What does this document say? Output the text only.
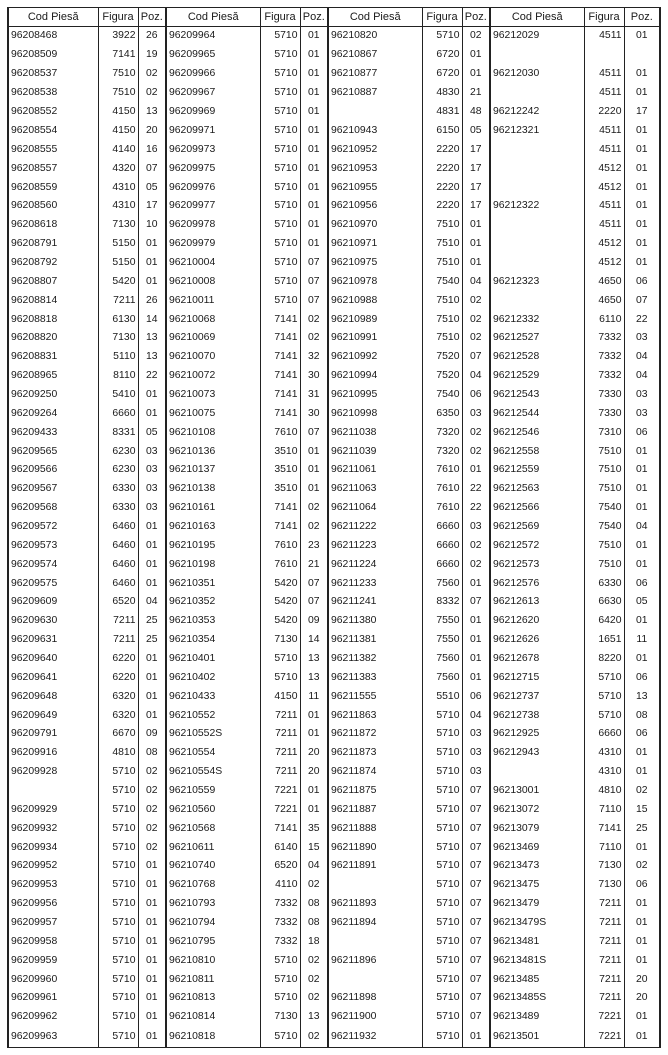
Cod Piesă	Figura	Poz.	Cod Piesă	Figura	Poz.	Cod Piesă	Figura	Poz.	Cod Piesă	Figura	Poz.
96208468	3922	26	96209964	5710	01	96210820	5710	02	96212029	4511	01
96208509	7141	19	96209965	5710	01	96210867	6720	01			
96208537	7510	02	96209966	5710	01	96210877	6720	01	96212030	4511	01
96208538	7510	02	96209967	5710	01	96210887	4830	21		4511	01
96208552	4150	13	96209969	5710	01		4831	48	96212242	2220	17
96208554	4150	20	96209971	5710	01	96210943	6150	05	96212321	4511	01
96208555	4140	16	96209973	5710	01	96210952	2220	17		4511	01
96208557	4320	07	96209975	5710	01	96210953	2220	17		4512	01
96208559	4310	05	96209976	5710	01	96210955	2220	17		4512	01
96208560	4310	17	96209977	5710	01	96210956	2220	17	96212322	4511	01
96208618	7130	10	96209978	5710	01	96210970	7510	01		4511	01
96208791	5150	01	96209979	5710	01	96210971	7510	01		4512	01
96208792	5150	01	96210004	5710	07	96210975	7510	01		4512	01
96208807	5420	01	96210008	5710	07	96210978	7540	04	96212323	4650	06
96208814	7211	26	96210011	5710	07	96210988	7510	02		4650	07
96208818	6130	14	96210068	7141	02	96210989	7510	02	96212332	6110	22
96208820	7130	13	96210069	7141	02	96210991	7510	02	96212527	7332	03
96208831	5110	13	96210070	7141	32	96210992	7520	07	96212528	7332	04
96208965	8110	22	96210072	7141	30	96210994	7520	04	96212529	7332	04
96209250	5410	01	96210073	7141	31	96210995	7540	06	96212543	7330	03
96209264	6660	01	96210075	7141	30	96210998	6350	03	96212544	7330	03
96209433	8331	05	96210108	7610	07	96211038	7320	02	96212546	7310	06
96209565	6230	03	96210136	3510	01	96211039	7320	02	96212558	7510	01
96209566	6230	03	96210137	3510	01	96211061	7610	01	96212559	7510	01
96209567	6330	03	96210138	3510	01	96211063	7610	22	96212563	7510	01
96209568	6330	03	96210161	7141	02	96211064	7610	22	96212566	7540	01
96209572	6460	01	96210163	7141	02	96211222	6660	03	96212569	7540	04
96209573	6460	01	96210195	7610	23	96211223	6660	02	96212572	7510	01
96209574	6460	01	96210198	7610	21	96211224	6660	02	96212573	7510	01
96209575	6460	01	96210351	5420	07	96211233	7560	01	96212576	6330	06
96209609	6520	04	96210352	5420	07	96211241	8332	07	96212613	6630	05
96209630	7211	25	96210353	5420	09	96211380	7550	01	96212620	6420	01
96209631	7211	25	96210354	7130	14	96211381	7550	01	96212626	1651	11
96209640	6220	01	96210401	5710	13	96211382	7560	01	96212678	8220	01
96209641	6220	01	96210402	5710	13	96211383	7560	01	96212715	5710	06
96209648	6320	01	96210433	4150	11	96211555	5510	06	96212737	5710	13
96209649	6320	01	96210552	7211	01	96211863	5710	04	96212738	5710	08
96209791	6670	09	96210552S	7211	01	96211872	5710	03	96212925	6660	06
96209916	4810	08	96210554	7211	20	96211873	5710	03	96212943	4310	01
96209928	5710	02	96210554S	7211	20	96211874	5710	03		4310	01
	5710	02	96210559	7221	01	96211875	5710	07	96213001	4810	02
96209929	5710	02	96210560	7221	01	96211887	5710	07	96213072	7110	15
96209932	5710	02	96210568	7141	35	96211888	5710	07	96213079	7141	25
96209934	5710	02	96210611	6140	15	96211890	5710	07	96213469	7110	01
96209952	5710	01	96210740	6520	04	96211891	5710	07	96213473	7130	02
96209953	5710	01	96210768	4110	02		5710	07	96213475	7130	06
96209956	5710	01	96210793	7332	08	96211893	5710	07	96213479	7211	01
96209957	5710	01	96210794	7332	08	96211894	5710	07	96213479S	7211	01
96209958	5710	01	96210795	7332	18		5710	07	96213481	7211	01
96209959	5710	01	96210810	5710	02	96211896	5710	07	96213481S	7211	01
96209960	5710	01	96210811	5710	02		5710	07	96213485	7211	20
96209961	5710	01	96210813	5710	02	96211898	5710	07	96213485S	7211	20
96209962	5710	01	96210814	7130	13	96211900	5710	07	96213489	7221	01
96209963	5710	01	96210818	5710	02	96211932	5710	01	96213501	7221	01
